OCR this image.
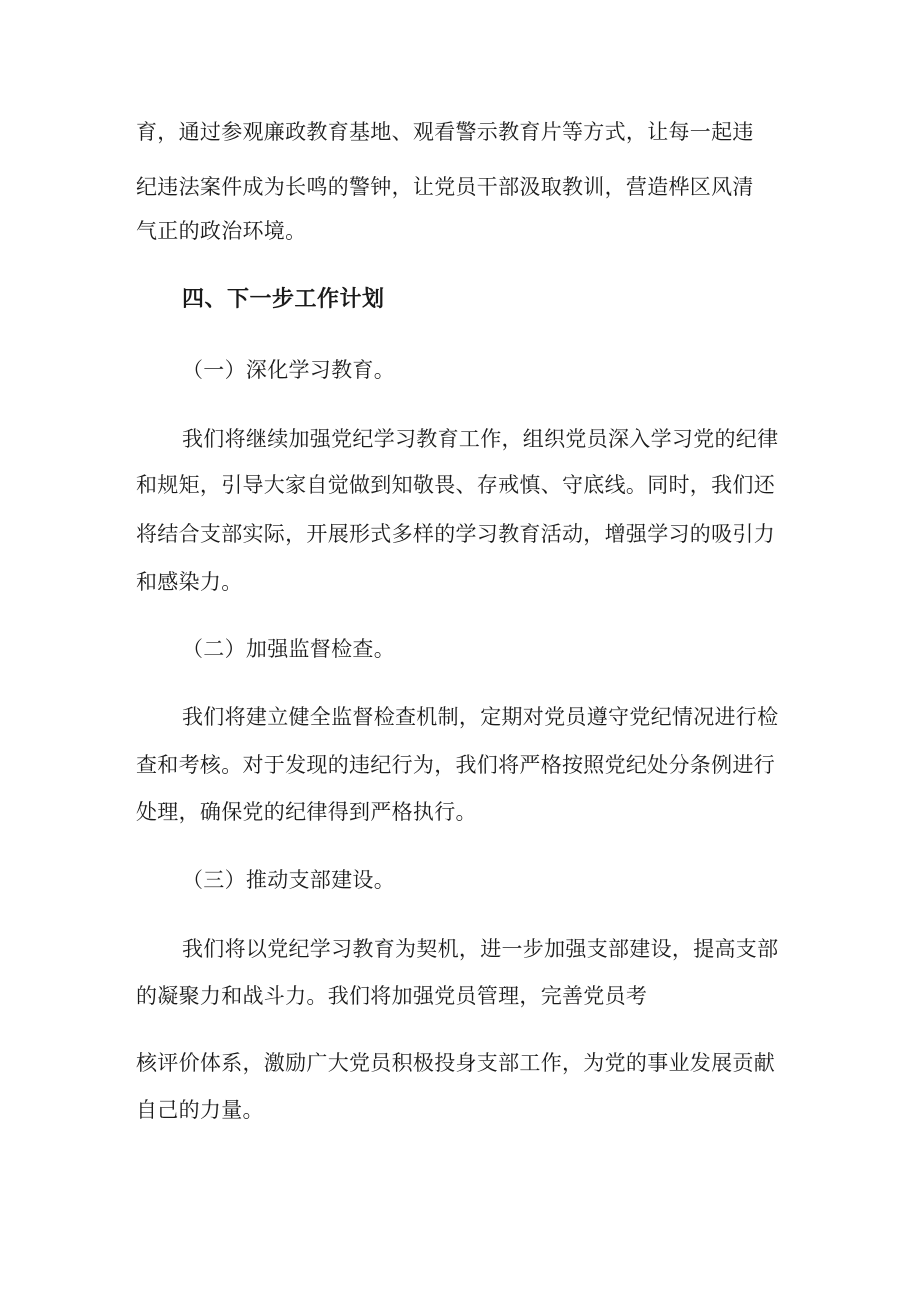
育，通过参观廉政教育基地、观看警示教育片等方式，让每一起违
纪违法案件成为长鸣的警钟，让党员干部汲取教训，营造桦区风清
气正的政治环境。
四、下一步工作计划
（一）深化学习教育。
我们将继续加强党纪学习教育工作，组织党员深入学习党的纪律
和规矩，引导大家自觉做到知敬畏、存戒慎、守底线。同时，我们还
将结合支部实际，开展形式多样的学习教育活动，增强学习的吸引力
和感染力。
（二）加强监督检查。
我们将建立健全监督检查机制，定期对党员遵守党纪情况进行检
查和考核。对于发现的违纪行为，我们将严格按照党纪处分条例进行
处理，确保党的纪律得到严格执行。
（三）推动支部建设。
我们将以党纪学习教育为契机，进一步加强支部建设，提高支部
的凝聚力和战斗力。我们将加强党员管理，完善党员考
核评价体系，激励广大党员积极投身支部工作，为党的事业发展贡献
自己的力量。
